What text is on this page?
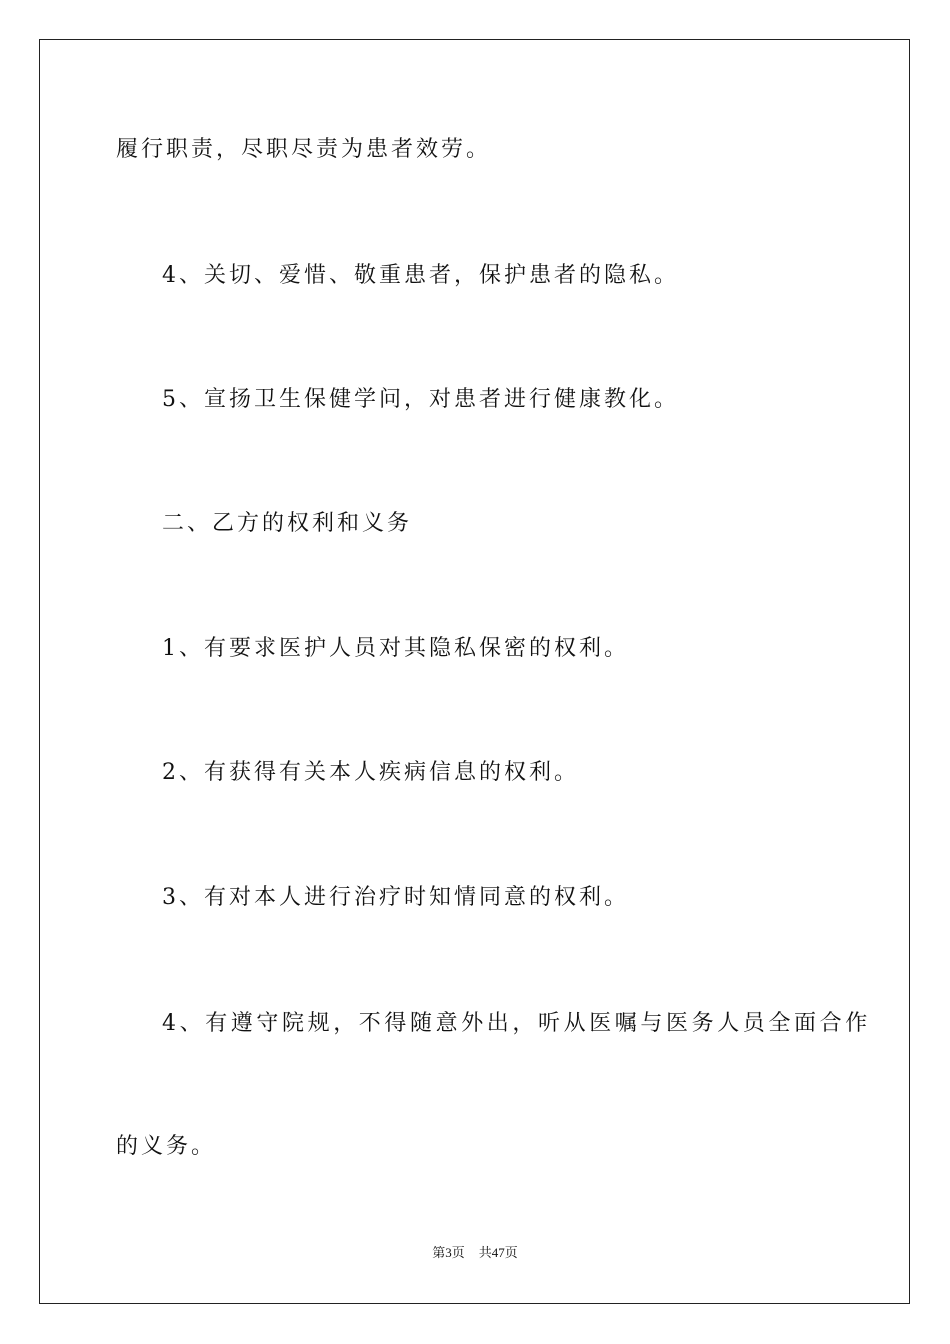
履行职责，尽职尽责为患者效劳。
4、关切、爱惜、敬重患者，保护患者的隐私。
5、宣扬卫生保健学问，对患者进行健康教化。
二、乙方的权利和义务
1、有要求医护人员对其隐私保密的权利。
2、有获得有关本人疾病信息的权利。
3、有对本人进行治疗时知情同意的权利。
4、有遵守院规，不得随意外出，听从医嘱与医务人员全面合作
的义务。
第3页 共47页
